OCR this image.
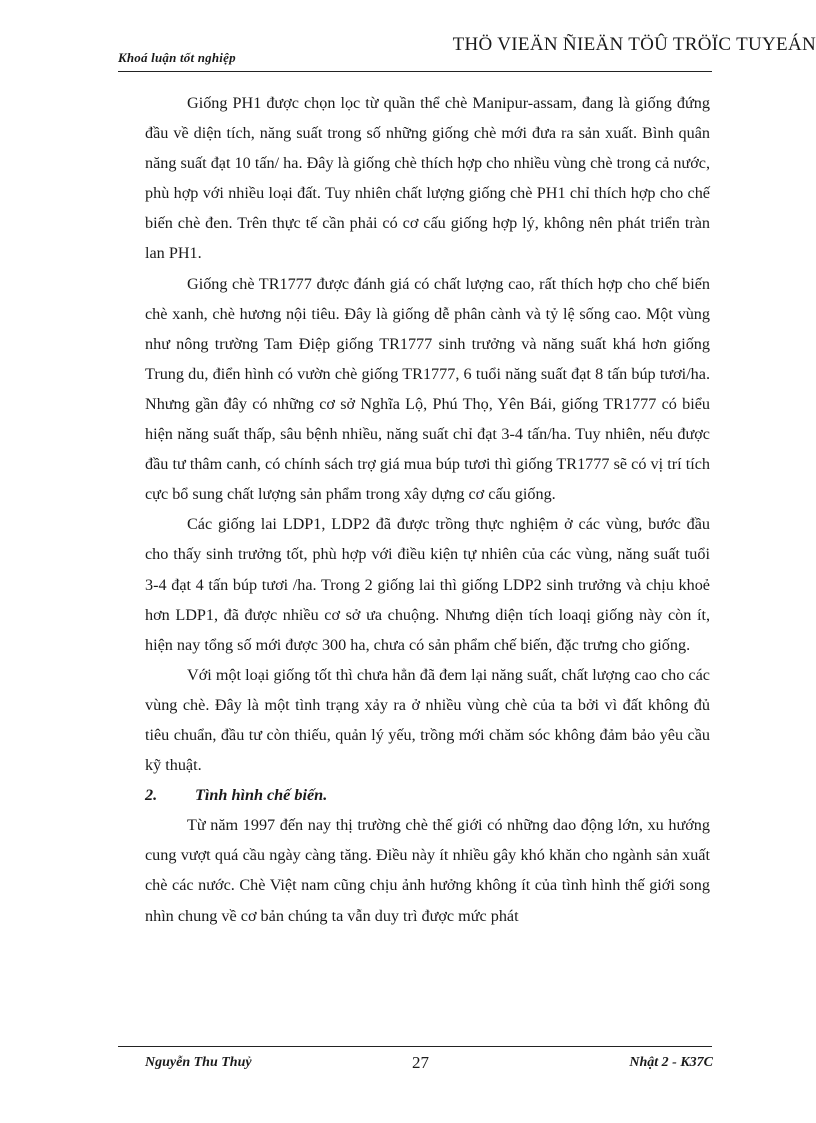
Khoá luận tốt nghiệp
THÖ VIEÄN ÑIEÄN TÖÛ TRÖÏC TUYEÁN

Giống PH1 được chọn lọc từ quần thể chè Manipur-assam, đang là giống đứng đầu về diện tích, năng suất trong số những giống chè mới đưa ra sản xuất. Bình quân năng suất đạt 10 tấn/ ha. Đây là giống chè thích hợp cho nhiều vùng chè trong cả nước, phù hợp với nhiều loại đất. Tuy nhiên chất lượng giống chè PH1 chỉ thích hợp cho chế biến chè đen. Trên thực tế cần phải có cơ cấu giống hợp lý, không nên phát triển tràn lan PH1.

Giống chè TR1777 được đánh giá có chất lượng cao, rất thích hợp cho chế biến chè xanh, chè hương nội tiêu. Đây là giống dễ phân cành và tỷ lệ sống cao. Một vùng như nông trường Tam Điệp giống TR1777 sinh trưởng và năng suất khá hơn giống Trung du, điển hình có vườn chè giống TR1777, 6 tuổi năng suất đạt 8 tấn búp tươi/ha. Nhưng gần đây có những cơ sở Nghĩa Lộ, Phú Thọ, Yên Bái, giống TR1777 có biểu hiện năng suất thấp, sâu bệnh nhiều, năng suất chỉ đạt 3-4 tấn/ha. Tuy nhiên, nếu được đầu tư thâm canh, có chính sách trợ giá mua búp tươi thì giống TR1777 sẽ có vị trí tích cực bổ sung chất lượng sản phẩm trong xây dựng cơ cấu giống.

Các giống lai LDP1, LDP2 đã được trồng thực nghiệm ở các vùng, bước đầu cho thấy sinh trưởng tốt, phù hợp với điều kiện tự nhiên của các vùng, năng suất tuổi 3-4 đạt 4 tấn búp tươi /ha. Trong 2 giống lai thì giống LDP2 sinh trưởng và chịu khoẻ hơn LDP1, đã được nhiều cơ sở ưa chuộng. Nhưng diện tích loaqị giống này còn ít, hiện nay tổng số mới được 300 ha, chưa có sản phẩm chế biến, đặc trưng cho giống.

Với một loại giống tốt thì chưa hẳn đã đem lại năng suất, chất lượng cao cho các vùng chè. Đây là một tình trạng xảy ra ở nhiều vùng chè của ta bởi vì đất không đủ tiêu chuẩn, đầu tư còn thiếu, quản lý yếu, trồng mới chăm sóc không đảm bảo yêu cầu kỹ thuật.

2.	Tình hình chế biến.

Từ năm 1997 đến nay thị trường chè thế giới có những dao động lớn, xu hướng cung vượt quá cầu ngày càng tăng. Điều này ít nhiều gây khó khăn cho ngành sản xuất chè các nước. Chè Việt nam cũng chịu ảnh hưởng không ít của tình hình thế giới song nhìn chung về cơ bản chúng ta vẫn duy trì được mức phát

Nguyễn Thu Thuỷ	27	Nhật 2 - K37C
